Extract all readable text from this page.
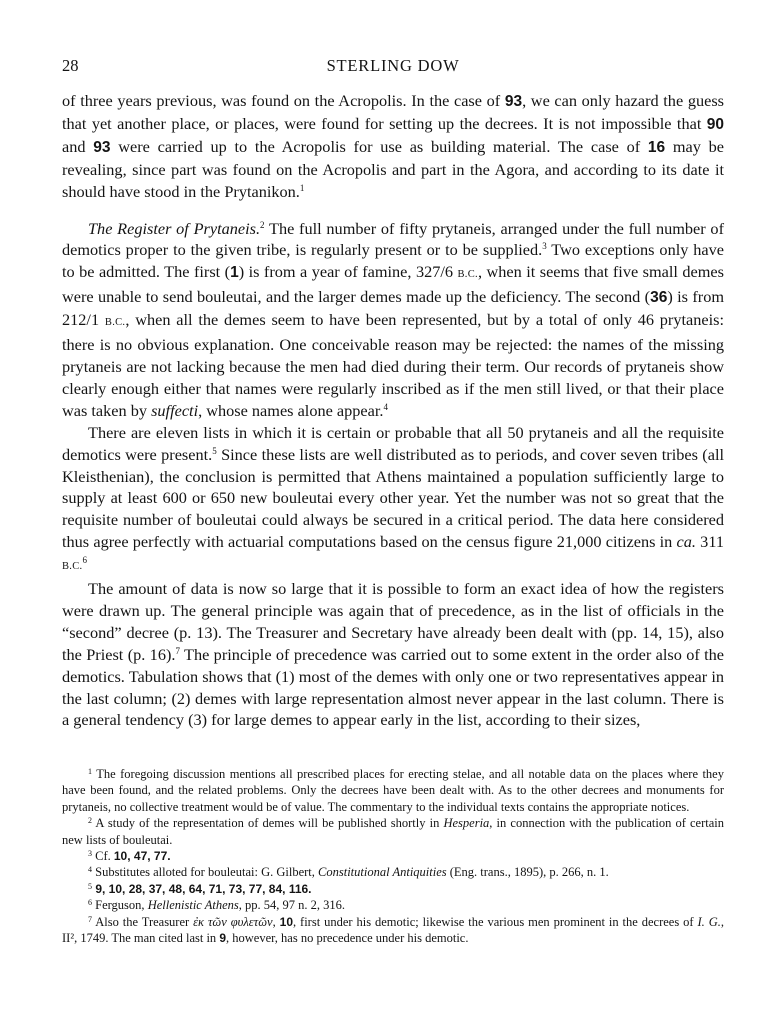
28	STERLING DOW

of three years previous, was found on the Acropolis. In the case of 93, we can only hazard the guess that yet another place, or places, were found for setting up the decrees. It is not impossible that 90 and 93 were carried up to the Acropolis for use as building material. The case of 16 may be revealing, since part was found on the Acropolis and part in the Agora, and according to its date it should have stood in the Prytanikon.$^1$

The Register of Prytaneis.$^2$ The full number of fifty prytaneis, arranged under the full number of demotics proper to the given tribe, is regularly present or to be supplied.$^3$ Two exceptions only have to be admitted. The first (1) is from a year of famine, 327/6 B.C., when it seems that five small demes were unable to send bouleutai, and the larger demes made up the deficiency. The second (36) is from 212/1 B.C., when all the demes seem to have been represented, but by a total of only 46 prytaneis: there is no obvious explanation. One conceivable reason may be rejected: the names of the missing prytaneis are not lacking because the men had died during their term. Our records of prytaneis show clearly enough either that names were regularly inscribed as if the men still lived, or that their place was taken by suffecti, whose names alone appear.$^4$

There are eleven lists in which it is certain or probable that all 50 prytaneis and all the requisite demotics were present.$^5$ Since these lists are well distributed as to periods, and cover seven tribes (all Kleisthenian), the conclusion is permitted that Athens maintained a population sufficiently large to supply at least 600 or 650 new bouleutai every other year. Yet the number was not so great that the requisite number of bouleutai could always be secured in a critical period. The data here considered thus agree perfectly with actuarial computations based on the census figure 21,000 citizens in ca. 311 B.C.$^6$

The amount of data is now so large that it is possible to form an exact idea of how the registers were drawn up. The general principle was again that of precedence, as in the list of officials in the “second” decree (p. 13). The Treasurer and Secretary have already been dealt with (pp. 14, 15), also the Priest (p. 16).$^7$ The principle of precedence was carried out to some extent in the order also of the demotics. Tabulation shows that (1) most of the demes with only one or two representatives appear in the last column; (2) demes with large representation almost never appear in the last column. There is a general tendency (3) for large demes to appear early in the list, according to their sizes,

$^1$ The foregoing discussion mentions all prescribed places for erecting stelae, and all notable data on the places where they have been found, and the related problems. Only the decrees have been dealt with. As to the other decrees and monuments for prytaneis, no collective treatment would be of value. The commentary to the individual texts contains the appropriate notices.

$^2$ A study of the representation of demes will be published shortly in Hesperia, in connection with the publication of certain new lists of bouleutai.

$^3$ Cf. 10, 47, 77.

$^4$ Substitutes alloted for bouleutai: G. Gilbert, Constitutional Antiquities (Eng. trans., 1895), p. 266, n. 1.

$^5$ 9, 10, 28, 37, 48, 64, 71, 73, 77, 84, 116.

$^6$ Ferguson, Hellenistic Athens, pp. 54, 97 n. 2, 316.

$^7$ Also the Treasurer ἐκ τῶν φυλετῶν, 10, first under his demotic; likewise the various men prominent in the decrees of I. G., II², 1749. The man cited last in 9, however, has no precedence under his demotic.
